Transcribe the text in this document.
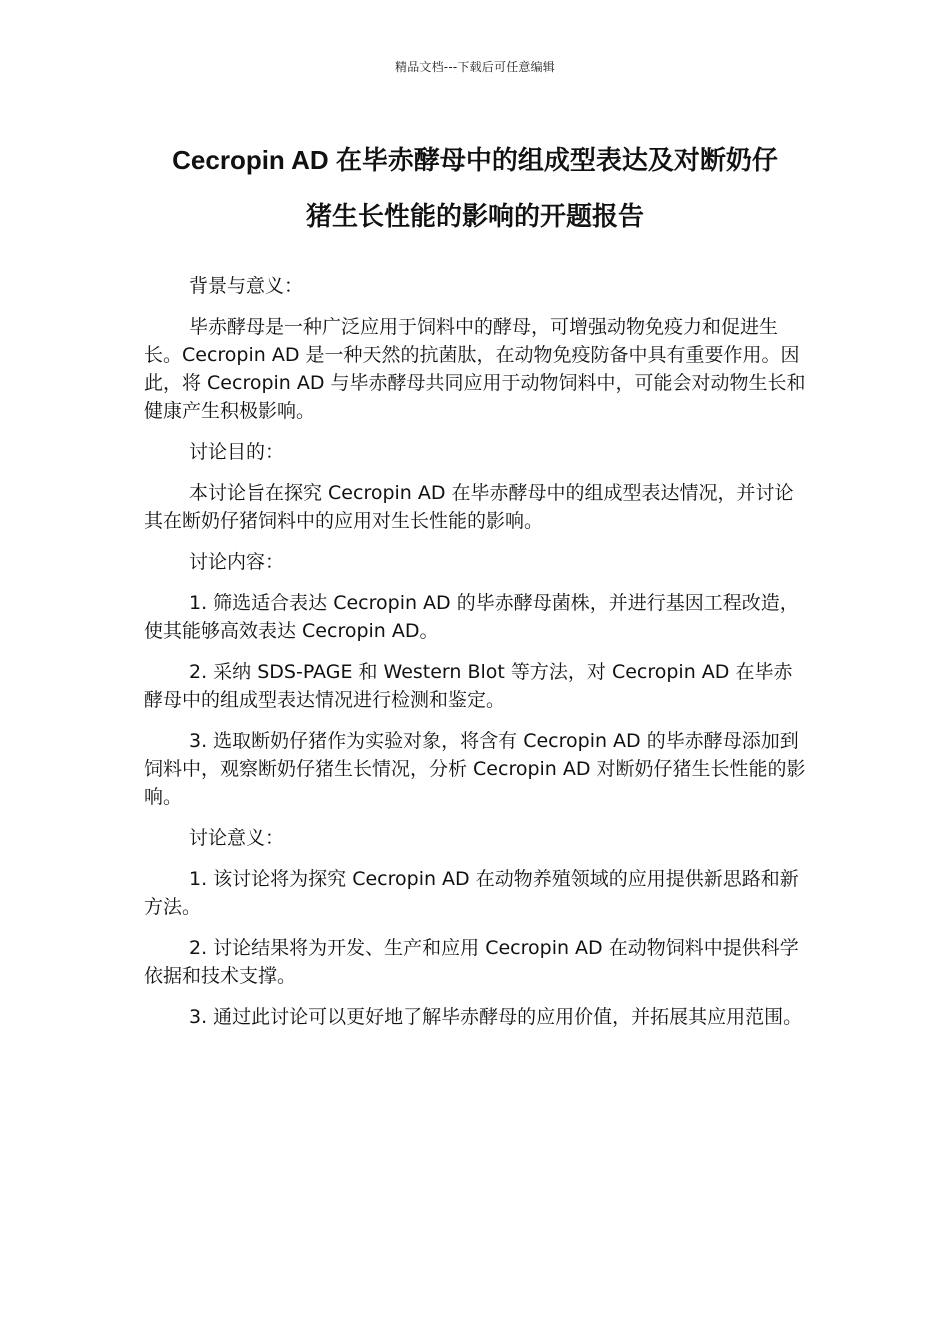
精品文档---下载后可任意编辑
Cecropin AD 在毕赤酵母中的组成型表达及对断奶仔
猪生长性能的影响的开题报告

背景与意义：

毕赤酵母是一种广泛应用于饲料中的酵母，可增强动物免疫力和促进生长。Cecropin AD 是一种天然的抗菌肽，在动物免疫防备中具有重要作用。因此，将 Cecropin AD 与毕赤酵母共同应用于动物饲料中，可能会对动物生长和健康产生积极影响。

讨论目的：

本讨论旨在探究 Cecropin AD 在毕赤酵母中的组成型表达情况，并讨论其在断奶仔猪饲料中的应用对生长性能的影响。

讨论内容：

1. 筛选适合表达 Cecropin AD 的毕赤酵母菌株，并进行基因工程改造，使其能够高效表达 Cecropin AD。

2. 采纳 SDS-PAGE 和 Western Blot 等方法，对 Cecropin AD 在毕赤酵母中的组成型表达情况进行检测和鉴定。

3. 选取断奶仔猪作为实验对象，将含有 Cecropin AD 的毕赤酵母添加到饲料中，观察断奶仔猪生长情况，分析 Cecropin AD 对断奶仔猪生长性能的影响。

讨论意义：

1. 该讨论将为探究 Cecropin AD 在动物养殖领域的应用提供新思路和新方法。

2. 讨论结果将为开发、生产和应用 Cecropin AD 在动物饲料中提供科学依据和技术支撑。

3. 通过此讨论可以更好地了解毕赤酵母的应用价值，并拓展其应用范围。
